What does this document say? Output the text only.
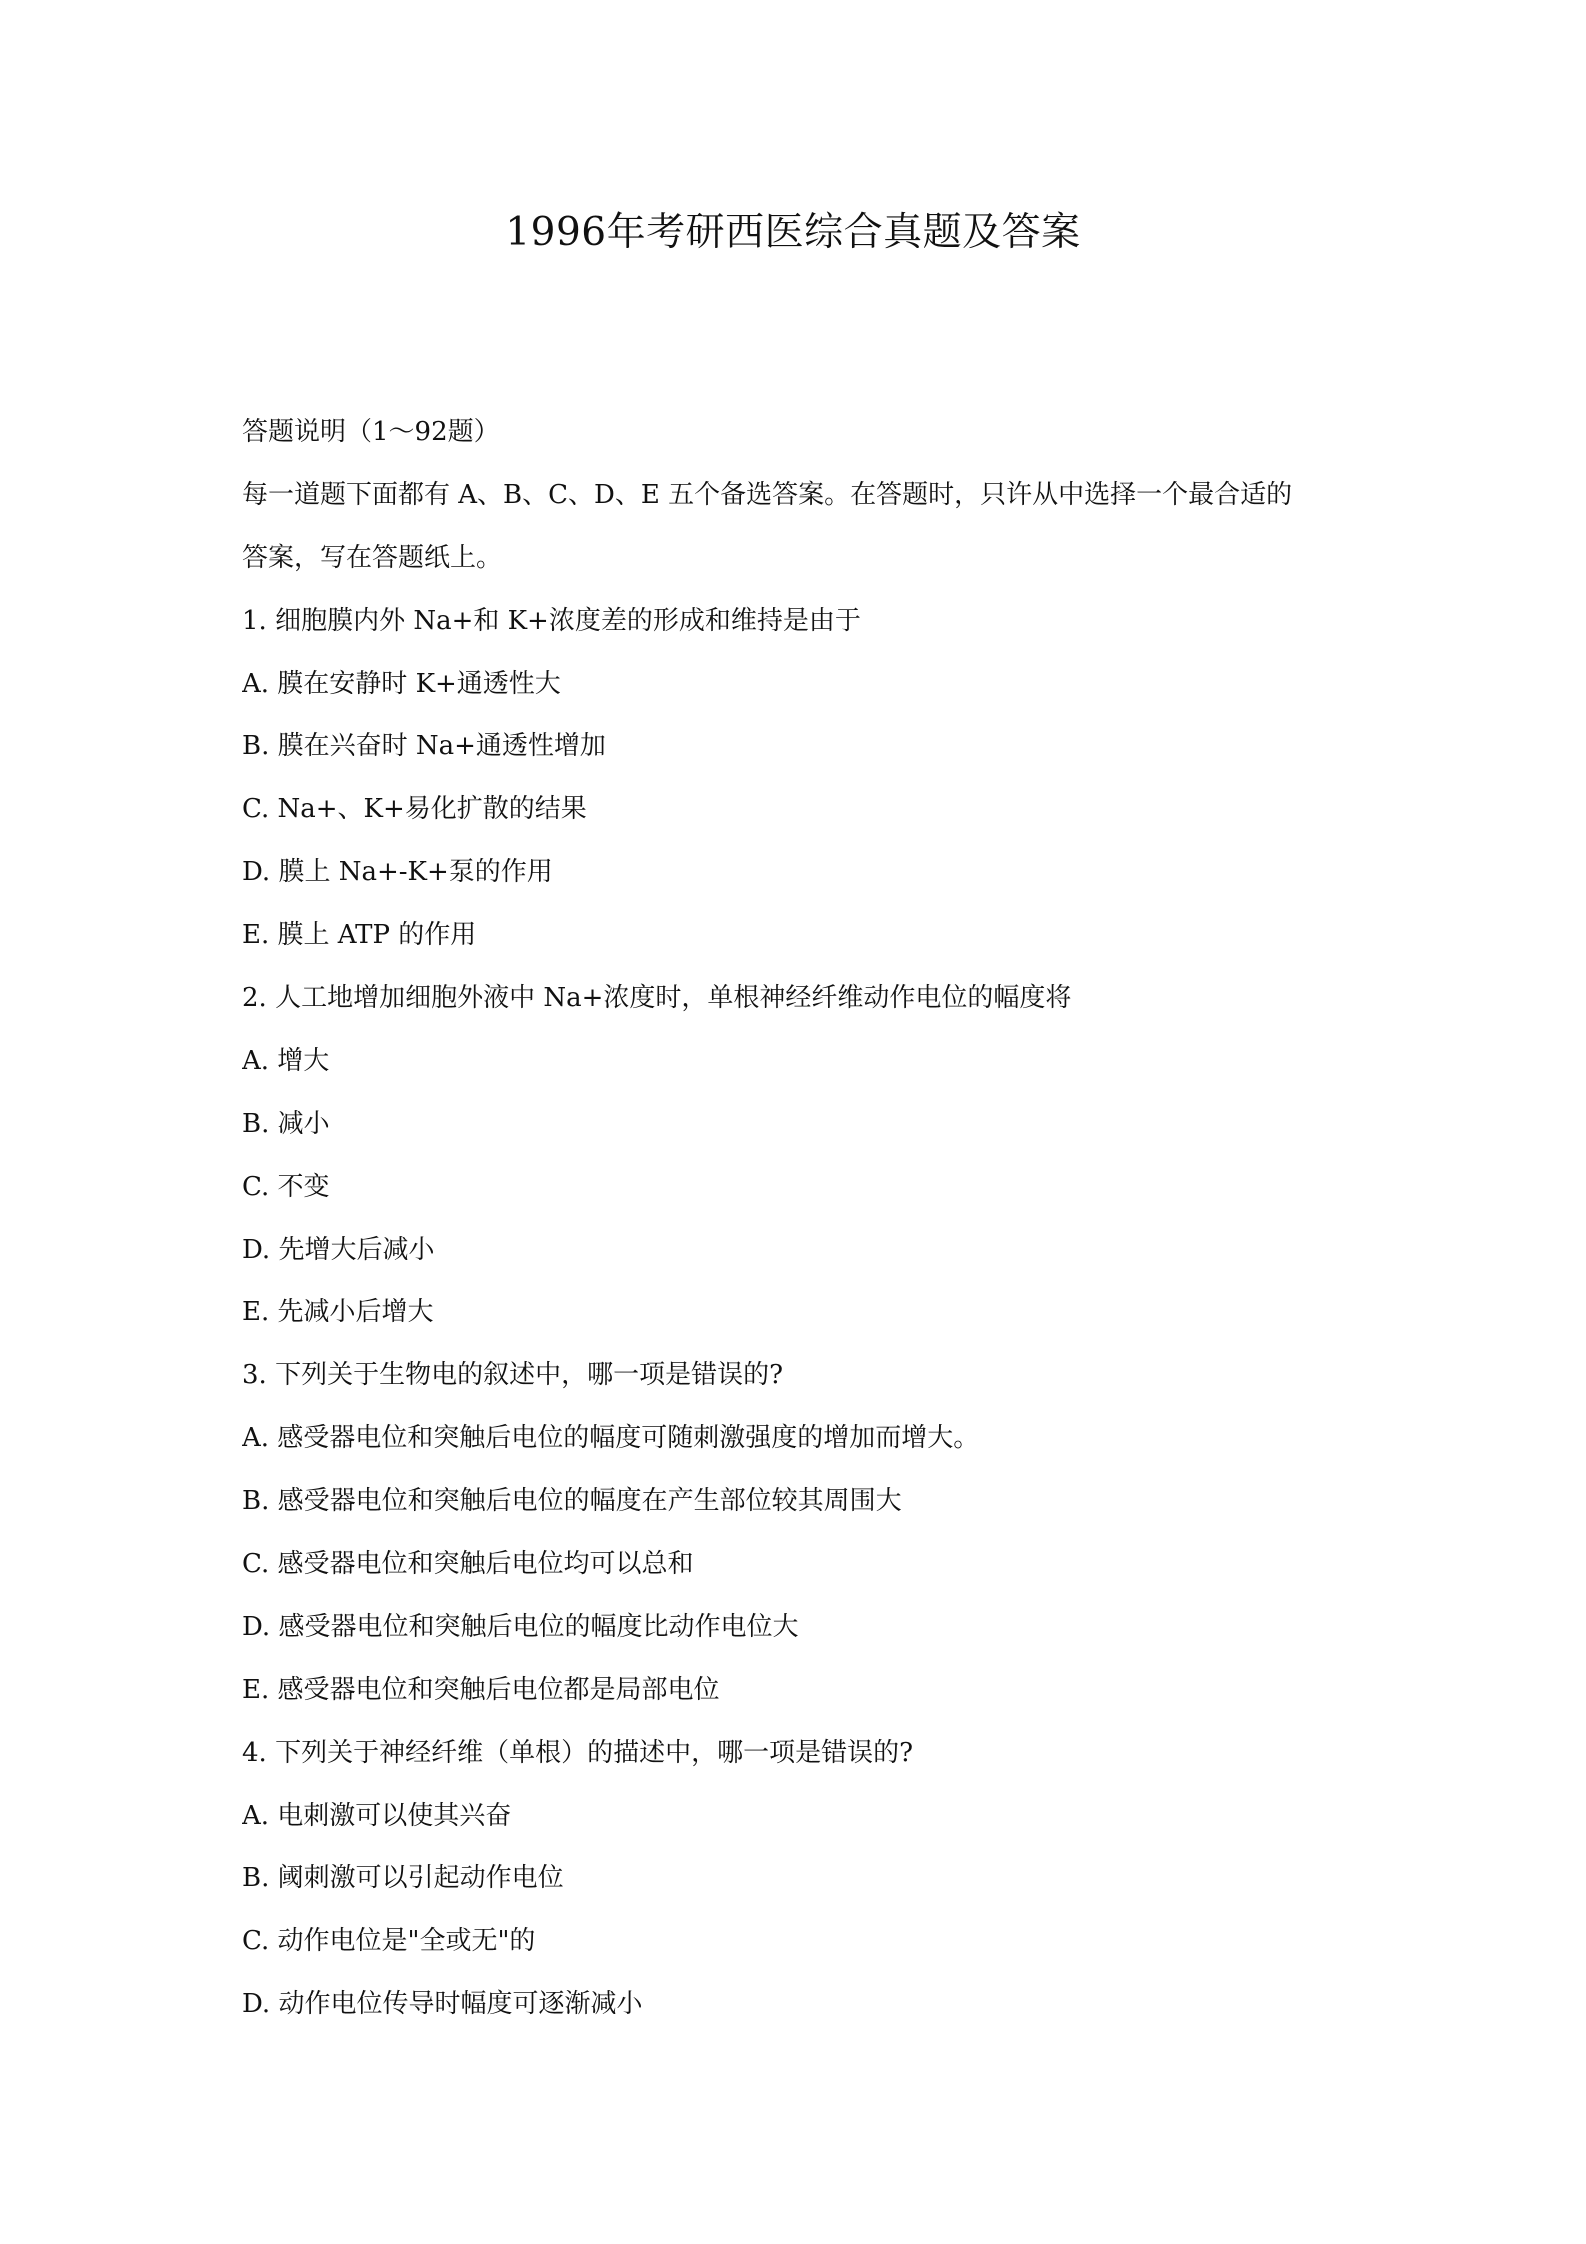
1996年考研西医综合真题及答案
答题说明（1～92题）
每一道题下面都有 A、B、C、D、E 五个备选答案。在答题时，只许从中选择一个最合适的
答案，写在答题纸上。
1. 细胞膜内外 Na+和 K+浓度差的形成和维持是由于
A. 膜在安静时 K+通透性大
B. 膜在兴奋时 Na+通透性增加
C. Na+、K+易化扩散的结果
D. 膜上 Na+-K+泵的作用
E. 膜上 ATP 的作用
2. 人工地增加细胞外液中 Na+浓度时，单根神经纤维动作电位的幅度将
A. 增大
B. 减小
C. 不变
D. 先增大后减小
E. 先减小后增大
3. 下列关于生物电的叙述中，哪一项是错误的?
A. 感受器电位和突触后电位的幅度可随刺激强度的增加而增大。
B. 感受器电位和突触后电位的幅度在产生部位较其周围大
C. 感受器电位和突触后电位均可以总和
D. 感受器电位和突触后电位的幅度比动作电位大
E. 感受器电位和突触后电位都是局部电位
4. 下列关于神经纤维（单根）的描述中，哪一项是错误的?
A. 电刺激可以使其兴奋
B. 阈刺激可以引起动作电位
C. 动作电位是"全或无"的
D. 动作电位传导时幅度可逐渐减小
